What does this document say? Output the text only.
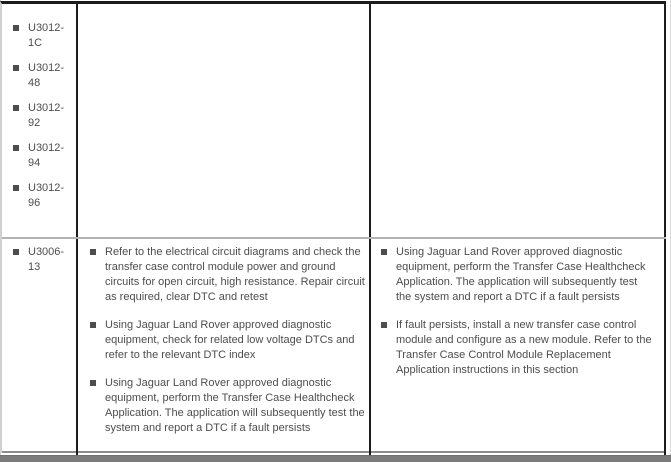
U3012-1C
U3012-48
U3012-92
U3012-94
U3012-96
U3006-13
Refer to the electrical circuit diagrams and check the transfer case control module power and ground circuits for open circuit, high resistance. Repair circuit as required, clear DTC and retest
Using Jaguar Land Rover approved diagnostic equipment, check for related low voltage DTCs and refer to the relevant DTC index
Using Jaguar Land Rover approved diagnostic equipment, perform the Transfer Case Healthcheck Application. The application will subsequently test the system and report a DTC if a fault persists
Using Jaguar Land Rover approved diagnostic equipment, perform the Transfer Case Healthcheck Application. The application will subsequently test the system and report a DTC if a fault persists
If fault persists, install a new transfer case control module and configure as a new module. Refer to the Transfer Case Control Module Replacement Application instructions in this section
